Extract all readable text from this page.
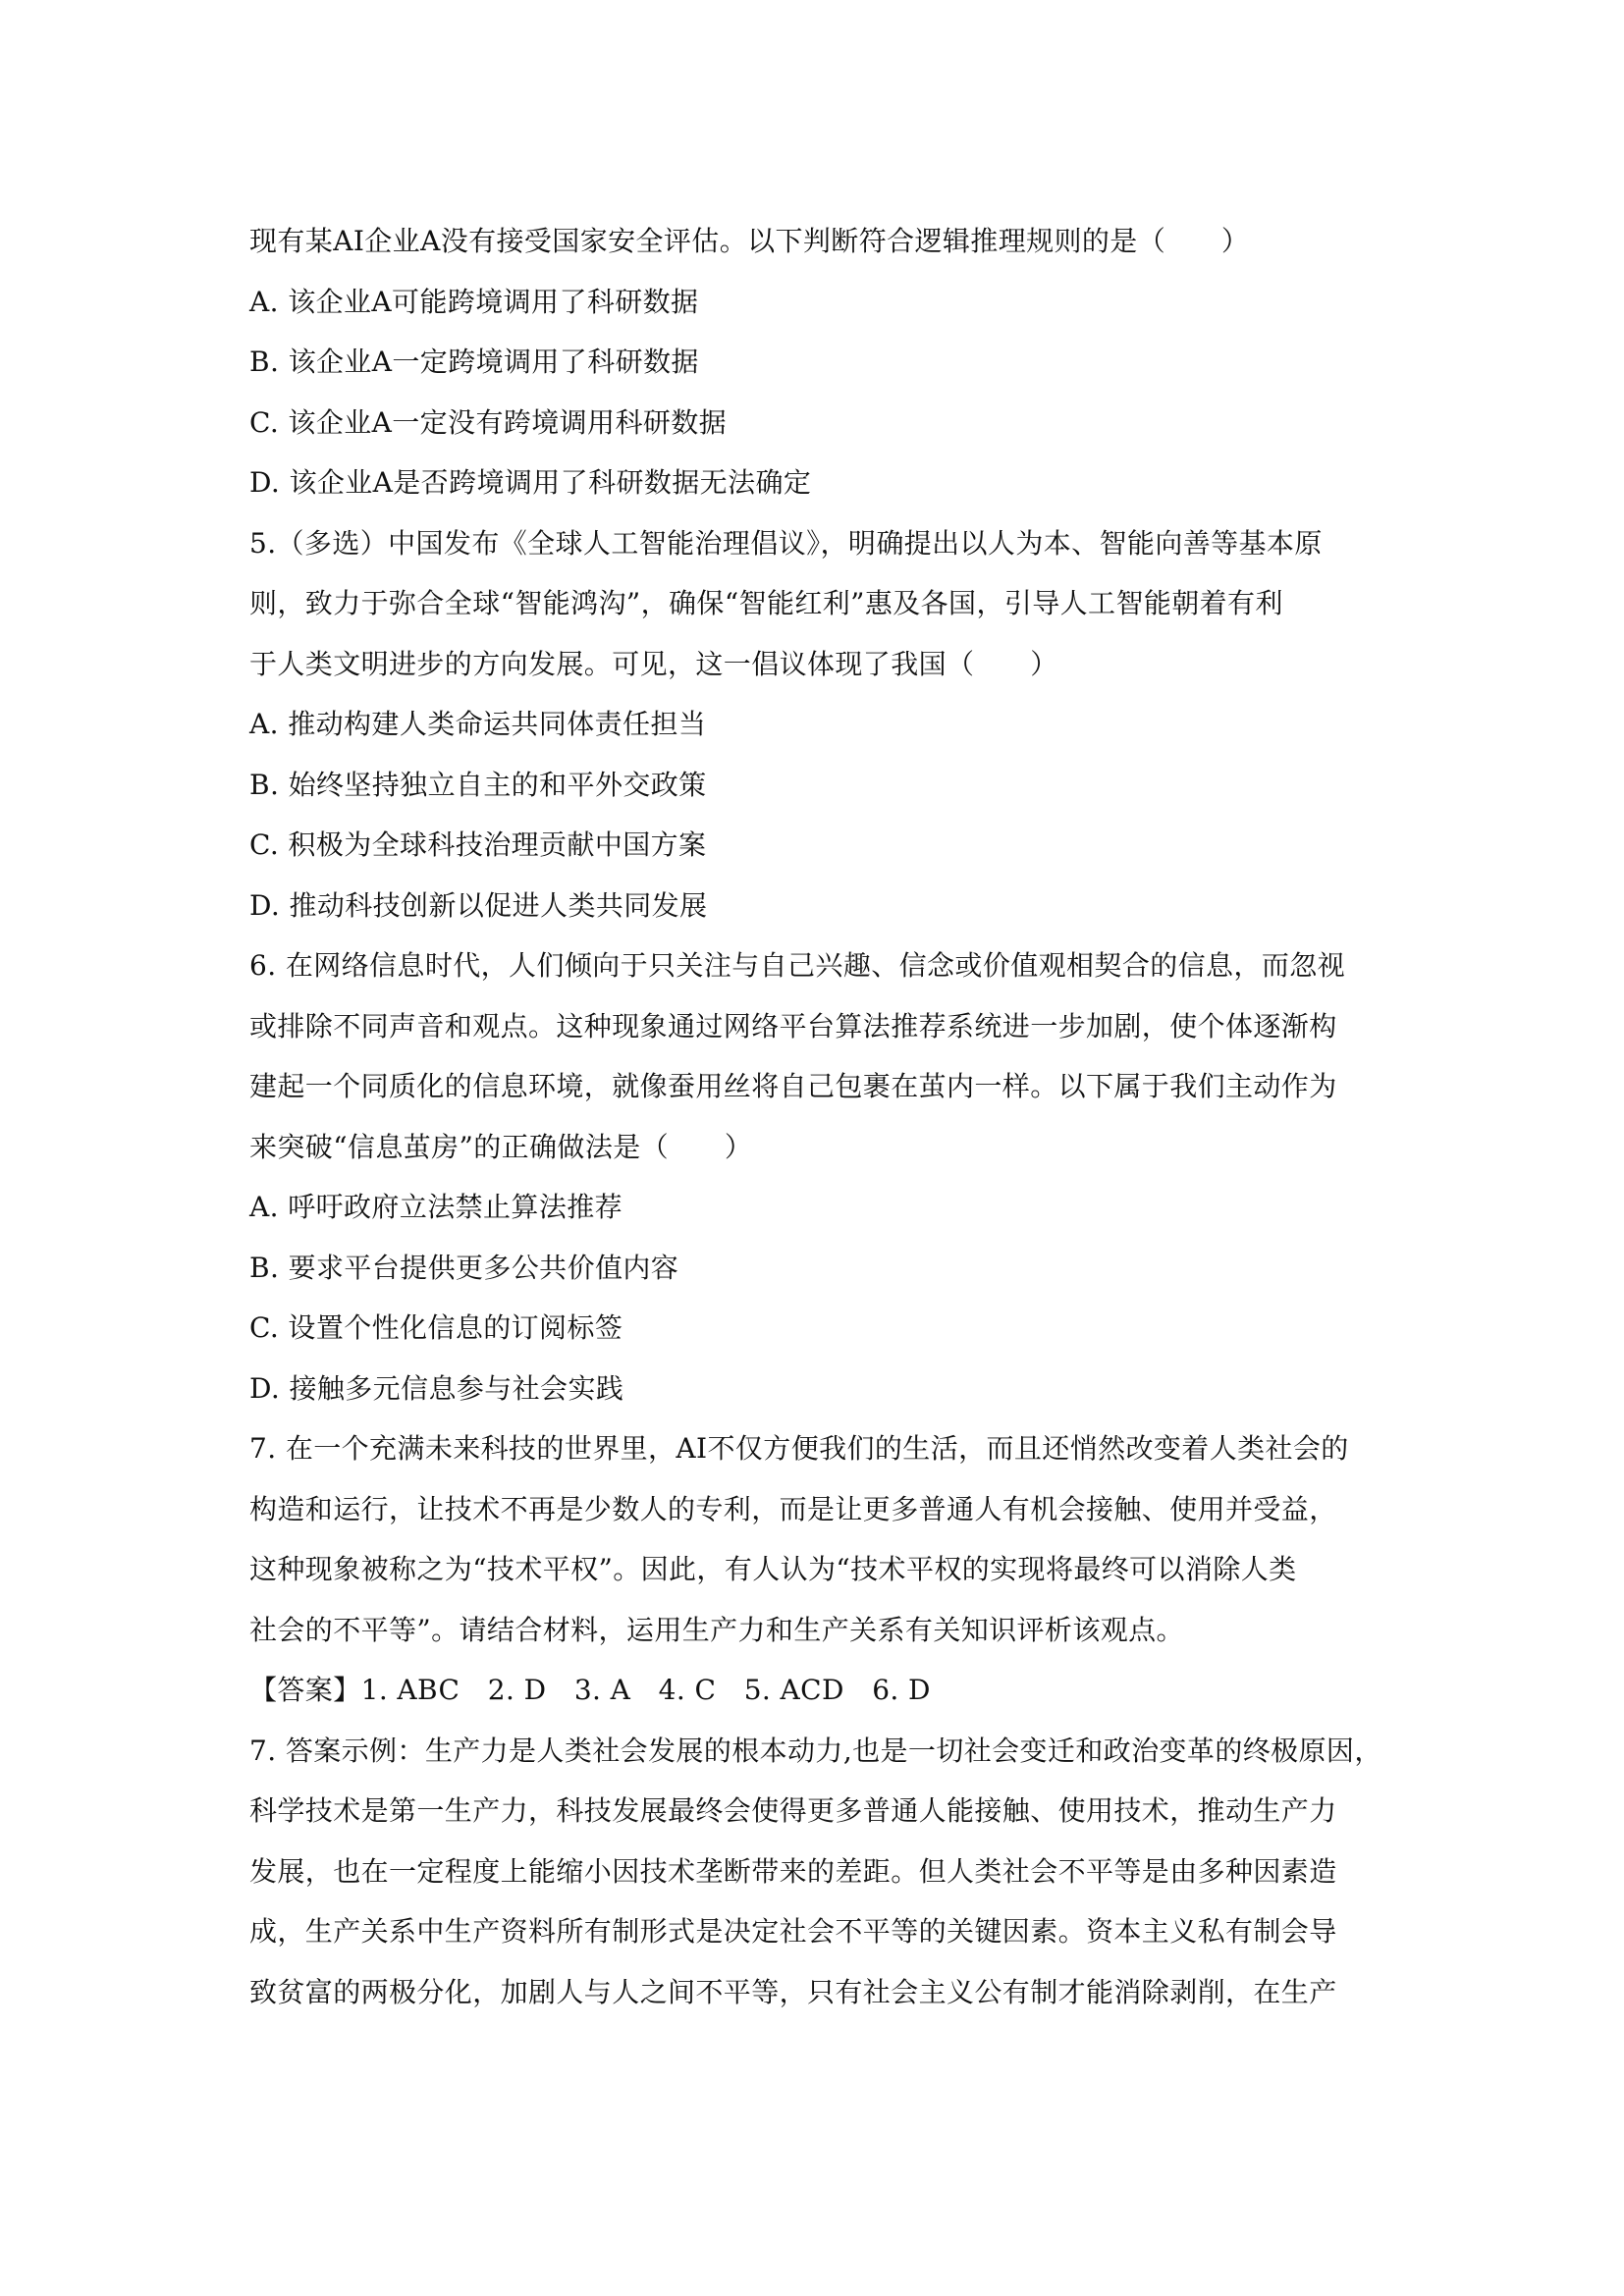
现有某AI企业A没有接受国家安全评估。以下判断符合逻辑推理规则的是（　　）
A. 该企业A可能跨境调用了科研数据
B. 该企业A一定跨境调用了科研数据
C. 该企业A一定没有跨境调用科研数据
D. 该企业A是否跨境调用了科研数据无法确定
5.（多选）中国发布《全球人工智能治理倡议》，明确提出以人为本、智能向善等基本原
则，致力于弥合全球“智能鸿沟”，确保“智能红利”惠及各国，引导人工智能朝着有利
于人类文明进步的方向发展。可见，这一倡议体现了我国（　　）
A. 推动构建人类命运共同体责任担当
B. 始终坚持独立自主的和平外交政策
C. 积极为全球科技治理贡献中国方案
D. 推动科技创新以促进人类共同发展
6. 在网络信息时代，人们倾向于只关注与自己兴趣、信念或价值观相契合的信息，而忽视
或排除不同声音和观点。这种现象通过网络平台算法推荐系统进一步加剧，使个体逐渐构
建起一个同质化的信息环境，就像蚕用丝将自己包裹在茧内一样。以下属于我们主动作为
来突破“信息茧房”的正确做法是（　　）
A. 呼吁政府立法禁止算法推荐
B. 要求平台提供更多公共价值内容
C. 设置个性化信息的订阅标签
D. 接触多元信息参与社会实践
7. 在一个充满未来科技的世界里，AI不仅方便我们的生活，而且还悄然改变着人类社会的
构造和运行，让技术不再是少数人的专利，而是让更多普通人有机会接触、使用并受益，
这种现象被称之为“技术平权”。因此，有人认为“技术平权的实现将最终可以消除人类
社会的不平等”。请结合材料，运用生产力和生产关系有关知识评析该观点。
【答案】1. ABC　2. D　3. A　4. C　5. ACD　6. D
7. 答案示例：生产力是人类社会发展的根本动力,也是一切社会变迁和政治变革的终极原因，
科学技术是第一生产力，科技发展最终会使得更多普通人能接触、使用技术，推动生产力
发展，也在一定程度上能缩小因技术垄断带来的差距。但人类社会不平等是由多种因素造
成，生产关系中生产资料所有制形式是决定社会不平等的关键因素。资本主义私有制会导
致贫富的两极分化，加剧人与人之间不平等，只有社会主义公有制才能消除剥削，在生产
